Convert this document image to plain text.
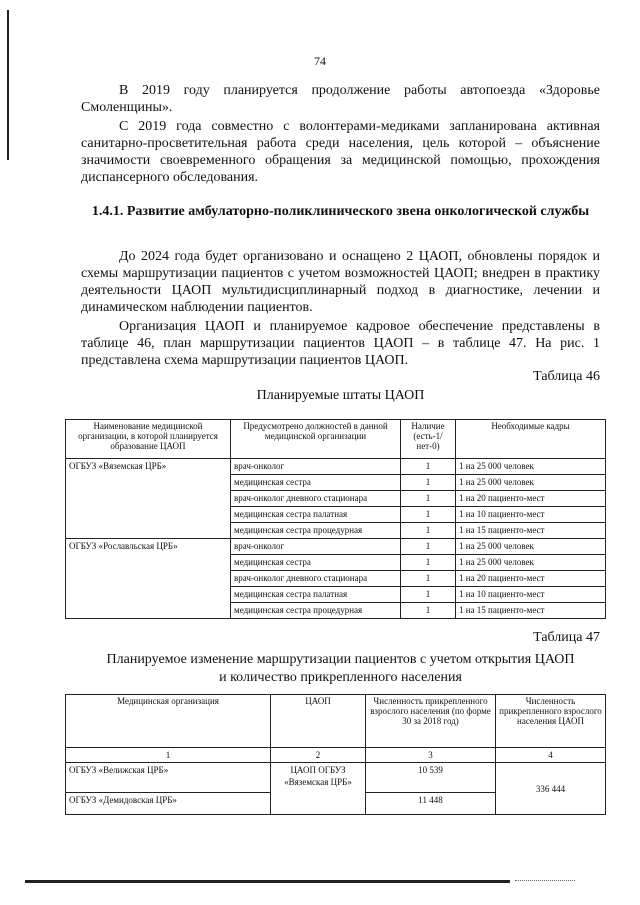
74

В 2019 году планируется продолжение работы автопоезда «Здоровье Смоленщины».

С 2019 года совместно с волонтерами-медиками запланирована активная санитарно-просветительная работа среди населения, цель которой – объяснение значимости своевременного обращения за медицинской помощью, прохождения диспансерного обследования.

1.4.1. Развитие амбулаторно-поликлинического звена онкологической службы

До 2024 года будет организовано и оснащено 2 ЦАОП, обновлены порядок и схемы маршрутизации пациентов с учетом возможностей ЦАОП; внедрен в практику деятельности ЦАОП мультидисциплинарный подход в диагностике, лечении и динамическом наблюдении пациентов.

Организация ЦАОП и планируемое кадровое обеспечение представлены в таблице 46, план маршрутизации пациентов ЦАОП – в таблице 47. На рис. 1 представлена схема маршрутизации пациентов ЦАОП.

Таблица 46
Планируемые штаты ЦАОП
Наименование медицинской организации, в которой планируется образование ЦАОП	Предусмотрено должностей в данной медицинской организации	Наличие (есть-1/ нет-0)	Необходимые кадры
ОГБУЗ «Вяземская ЦРБ»	врач-онколог	1	1 на 25 000 человек
	медицинская сестра	1	1 на 25 000 человек
	врач-онколог дневного стационара	1	1 на 20 пациенто-мест
	медицинская сестра палатная	1	1 на 10 пациенто-мест
	медицинская сестра процедурная	1	1 на 15 пациенто-мест
ОГБУЗ «Рославльская ЦРБ»	врач-онколог	1	1 на 25 000 человек
	медицинская сестра	1	1 на 25 000 человек
	врач-онколог дневного стационара	1	1 на 20 пациенто-мест
	медицинская сестра палатная	1	1 на 10 пациенто-мест
	медицинская сестра процедурная	1	1 на 15 пациенто-мест
Таблица 47
Планируемое изменение маршрутизации пациентов с учетом открытия ЦАОП
и количество прикрепленного населения
Медицинская организация	ЦАОП	Численность прикрепленного взрослого населения (по форме 30 за 2018 год)	Численность прикрепленного взрослого населения ЦАОП
1	2	3	4
ОГБУЗ «Велижская ЦРБ»	ЦАОП ОГБУЗ «Вяземская ЦРБ»	10 539	336 444
ОГБУЗ «Демидовская ЦРБ»		11 448	
